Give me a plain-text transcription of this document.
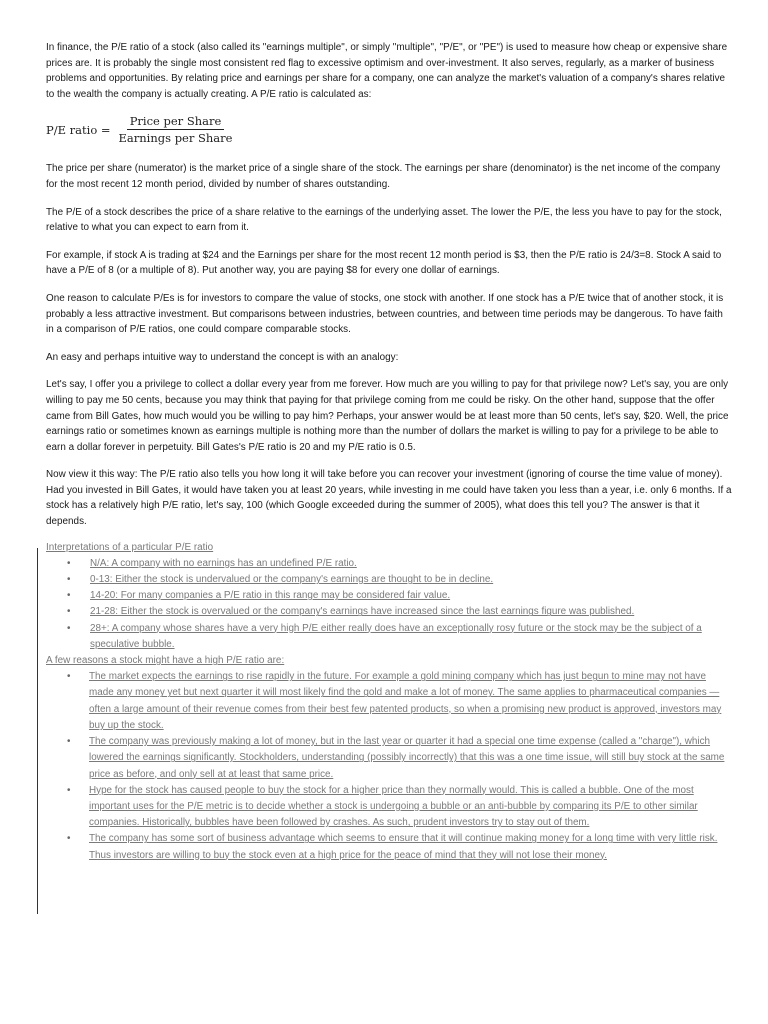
In finance, the P/E ratio of a stock (also called its "earnings multiple", or simply "multiple", "P/E", or "PE") is used to measure how cheap or expensive share prices are. It is probably the single most consistent red flag to excessive optimism and over-investment. It also serves, regularly, as a marker of business problems and opportunities. By relating price and earnings per share for a company, one can analyze the market's valuation of a company's shares relative to the wealth the company is actually creating. A P/E ratio is calculated as:

P/E ratio = $\frac{\text{Price per Share}}{\text{Earnings per Share}}$

The price per share (numerator) is the market price of a single share of the stock. The earnings per share (denominator) is the net income of the company for the most recent 12 month period, divided by number of shares outstanding.

The P/E of a stock describes the price of a share relative to the earnings of the underlying asset. The lower the P/E, the less you have to pay for the stock, relative to what you can expect to earn from it.

For example, if stock A is trading at $24 and the Earnings per share for the most recent 12 month period is $3, then the P/E ratio is 24/3=8. Stock A said to have a P/E of 8 (or a multiple of 8). Put another way, you are paying $8 for every one dollar of earnings.

One reason to calculate P/Es is for investors to compare the value of stocks, one stock with another. If one stock has a P/E twice that of another stock, it is probably a less attractive investment. But comparisons between industries, between countries, and between time periods may be dangerous. To have faith in a comparison of P/E ratios, one could compare comparable stocks.

An easy and perhaps intuitive way to understand the concept is with an analogy:

Let's say, I offer you a privilege to collect a dollar every year from me forever. How much are you willing to pay for that privilege now? Let's say, you are only willing to pay me 50 cents, because you may think that paying for that privilege coming from me could be risky. On the other hand, suppose that the offer came from Bill Gates, how much would you be willing to pay him? Perhaps, your answer would be at least more than 50 cents, let's say, $20. Well, the price earnings ratio or sometimes known as earnings multiple is nothing more than the number of dollars the market is willing to pay for a privilege to be able to earn a dollar forever in perpetuity. Bill Gates's P/E ratio is 20 and my P/E ratio is 0.5.

Now view it this way: The P/E ratio also tells you how long it will take before you can recover your investment (ignoring of course the time value of money). Had you invested in Bill Gates, it would have taken you at least 20 years, while investing in me could have taken you less than a year, i.e. only 6 months. If a stock has a relatively high P/E ratio, let's say, 100 (which Google exceeded during the summer of 2005), what does this tell you? The answer is that it depends.

Interpretations of a particular P/E ratio

• N/A: A company with no earnings has an undefined P/E ratio.
• 0-13: Either the stock is undervalued or the company's earnings are thought to be in decline.
• 14-20: For many companies a P/E ratio in this range may be considered fair value.
• 21-28: Either the stock is overvalued or the company's earnings have increased since the last earnings figure was published.
• 28+: A company whose shares have a very high P/E either really does have an exceptionally rosy future or the stock may be the subject of a speculative bubble.

A few reasons a stock might have a high P/E ratio are:

• The market expects the earnings to rise rapidly in the future. For example a gold mining company which has just begun to mine may not have made any money yet but next quarter it will most likely find the gold and make a lot of money. The same applies to pharmaceutical companies — often a large amount of their revenue comes from their best few patented products, so when a promising new product is approved, investors may buy up the stock.
• The company was previously making a lot of money, but in the last year or quarter it had a special one time expense (called a "charge"), which lowered the earnings significantly. Stockholders, understanding (possibly incorrectly) that this was a one time issue, will still buy stock at the same price as before, and only sell at at least that same price.
• Hype for the stock has caused people to buy the stock for a higher price than they normally would. This is called a bubble. One of the most important uses for the P/E metric is to decide whether a stock is undergoing a bubble or an anti-bubble by comparing its P/E to other similar companies. Historically, bubbles have been followed by crashes. As such, prudent investors try to stay out of them.
• The company has some sort of business advantage which seems to ensure that it will continue making money for a long time with very little risk. Thus investors are willing to buy the stock even at a high price for the peace of mind that they will not lose their money.
